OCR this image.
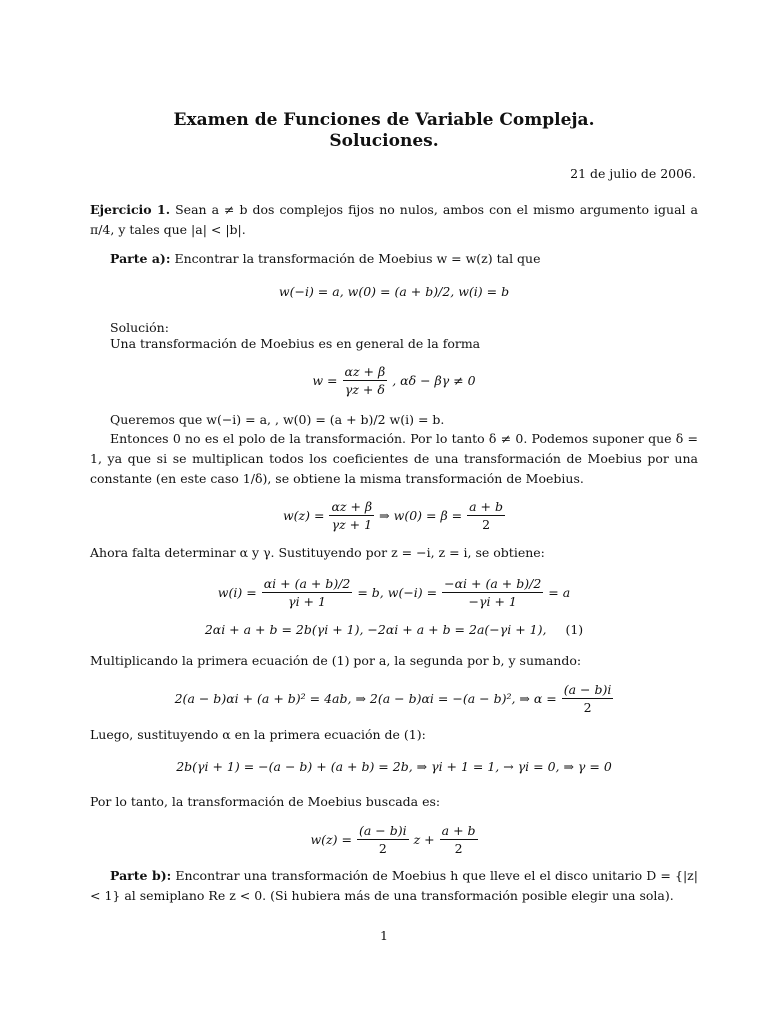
Examen de Funciones de Variable Compleja.
Soluciones.
21 de julio de 2006.
Ejercicio 1. Sean a ≠ b dos complejos fijos no nulos, ambos con el mismo argumento igual a π/4, y tales que |a| < |b|.
Parte a): Encontrar la transformación de Moebius w = w(z) tal que
w(−i) = a, w(0) = (a + b)/2, w(i) = b
Solución:
Una transformación de Moebius es en general de la forma
$w = \frac{\alpha z + \beta}{\gamma z + \delta}$ , αδ − βγ ≠ 0
Queremos que w(−i) = a, , w(0) = (a + b)/2 w(i) = b.
Entonces 0 no es el polo de la transformación. Por lo tanto δ ≠ 0. Podemos suponer que δ = 1, ya que si se multiplican todos los coeficientes de una transformación de Moebius por una constante (en este caso 1/δ), se obtiene la misma transformación de Moebius.
$w(z) = \frac{\alpha z + \beta}{\gamma z + 1}$ ⇒ $w(0) = \beta = \frac{a + b}{2}$
Ahora falta determinar α y γ. Sustituyendo por z = −i, z = i, se obtiene:
$w(i) = \frac{\alpha i + (a + b)/2}{\gamma i + 1} = b$, $w(-i) = \frac{-\alpha i + (a + b)/2}{-\gamma i + 1} = a$
2αi + a + b = 2b(γi + 1), −2αi + a + b = 2a(−γi + 1), (1)
Multiplicando la primera ecuación de (1) por a, la segunda por b, y sumando:
2(a − b)αi + (a + b)² = 4ab, ⇒ 2(a − b)αi = −(a − b)², ⇒ $\alpha = \frac{(a - b)i}{2}$
Luego, sustituyendo α en la primera ecuación de (1):
2b(γi + 1) = −(a − b) + (a + b) = 2b, ⇒ γi + 1 = 1, → γi = 0, ⇒ γ = 0
Por lo tanto, la transformación de Moebius buscada es:
$w(z) = \frac{(a - b)i}{2}$ $z + \frac{a + b}{2}$
Parte b): Encontrar una transformación de Moebius h que lleve el el disco unitario D = {|z| < 1} al semiplano Re z < 0. (Si hubiera más de una transformación posible elegir una sola).
1
